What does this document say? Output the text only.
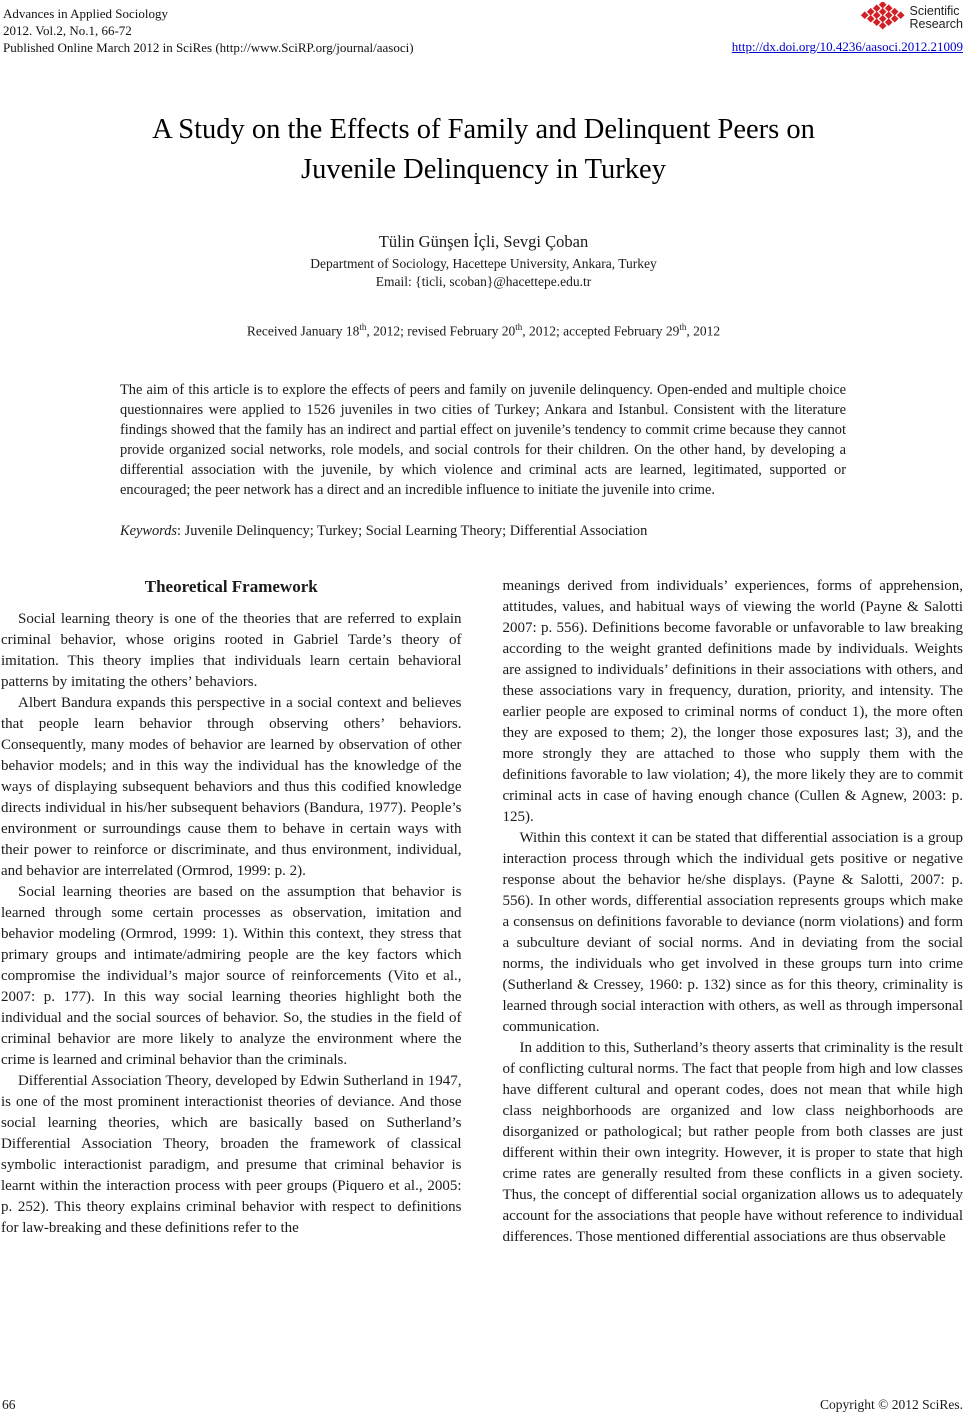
Advances in Applied Sociology
2012. Vol.2, No.1, 66-72
Published Online March 2012 in SciRes (http://www.SciRP.org/journal/aasoci)
Scientific
Research
http://dx.doi.org/10.4236/aasoci.2012.21009
A Study on the Effects of Family and Delinquent Peers on
Juvenile Delinquency in Turkey
Tülin Günşen İçli, Sevgi Çoban
Department of Sociology, Hacettepe University, Ankara, Turkey
Email: {ticli, scoban}@hacettepe.edu.tr
Received January 18th, 2012; revised February 20th, 2012; accepted February 29th, 2012
The aim of this article is to explore the effects of peers and family on juvenile delinquency. Open-ended and multiple choice questionnaires were applied to 1526 juveniles in two cities of Turkey; Ankara and Istanbul. Consistent with the literature findings showed that the family has an indirect and partial effect on juvenile’s tendency to commit crime because they cannot provide organized social networks, role models, and social controls for their children. On the other hand, by developing a differential association with the juvenile, by which violence and criminal acts are learned, legitimated, supported or encouraged; the peer network has a direct and an incredible influence to initiate the juvenile into crime.
Keywords: Juvenile Delinquency; Turkey; Social Learning Theory; Differential Association
Theoretical Framework

Social learning theory is one of the theories that are referred to explain criminal behavior, whose origins rooted in Gabriel Tarde’s theory of imitation. This theory implies that individuals learn certain behavioral patterns by imitating the others’ behaviors.

Albert Bandura expands this perspective in a social context and believes that people learn behavior through observing others’ behaviors. Consequently, many modes of behavior are learned by observation of other behavior models; and in this way the individual has the knowledge of the ways of displaying subsequent behaviors and thus this codified knowledge directs individual in his/her subsequent behaviors (Bandura, 1977). People’s environment or surroundings cause them to behave in certain ways with their power to reinforce or discriminate, and thus environment, individual, and behavior are interrelated (Ormrod, 1999: p. 2).

Social learning theories are based on the assumption that behavior is learned through some certain processes as observation, imitation and behavior modeling (Ormrod, 1999: 1). Within this context, they stress that primary groups and intimate/admiring people are the key factors which compromise the individual’s major source of reinforcements (Vito et al., 2007: p. 177). In this way social learning theories highlight both the individual and the social sources of behavior. So, the studies in the field of criminal behavior are more likely to analyze the environment where the crime is learned and criminal behavior than the criminals.

Differential Association Theory, developed by Edwin Sutherland in 1947, is one of the most prominent interactionist theories of deviance. And those social learning theories, which are basically based on Sutherland’s Differential Association Theory, broaden the framework of classical symbolic interactionist paradigm, and presume that criminal behavior is learnt within the interaction process with peer groups (Piquero et al., 2005: p. 252). This theory explains criminal behavior with respect to definitions for law-breaking and these definitions refer to the

meanings derived from individuals’ experiences, forms of apprehension, attitudes, values, and habitual ways of viewing the world (Payne & Salotti 2007: p. 556). Definitions become favorable or unfavorable to law breaking according to the weight granted definitions made by individuals. Weights are assigned to individuals’ definitions in their associations with others, and these associations vary in frequency, duration, priority, and intensity. The earlier people are exposed to criminal norms of conduct 1), the more often they are exposed to them; 2), the longer those exposures last; 3), and the more strongly they are attached to those who supply them with the definitions favorable to law violation; 4), the more likely they are to commit criminal acts in case of having enough chance (Cullen & Agnew, 2003: p. 125).

Within this context it can be stated that differential association is a group interaction process through which the individual gets positive or negative response about the behavior he/she displays. (Payne & Salotti, 2007: p. 556). In other words, differential association represents groups which make a consensus on definitions favorable to deviance (norm violations) and form a subculture deviant of social norms. And in deviating from the social norms, the individuals who get involved in these groups turn into crime (Sutherland & Cressey, 1960: p. 132) since as for this theory, criminality is learned through social interaction with others, as well as through impersonal communication.

In addition to this, Sutherland’s theory asserts that criminality is the result of conflicting cultural norms. The fact that people from high and low classes have different cultural and operant codes, does not mean that while high class neighborhoods are organized and low class neighborhoods are disorganized or pathological; but rather people from both classes are just different within their own integrity. However, it is proper to state that high crime rates are generally resulted from these conflicts in a given society. Thus, the concept of differential social organization allows us to adequately account for the associations that people have without reference to individual differences. Those mentioned differential associations are thus observable

66	Copyright © 2012 SciRes.
